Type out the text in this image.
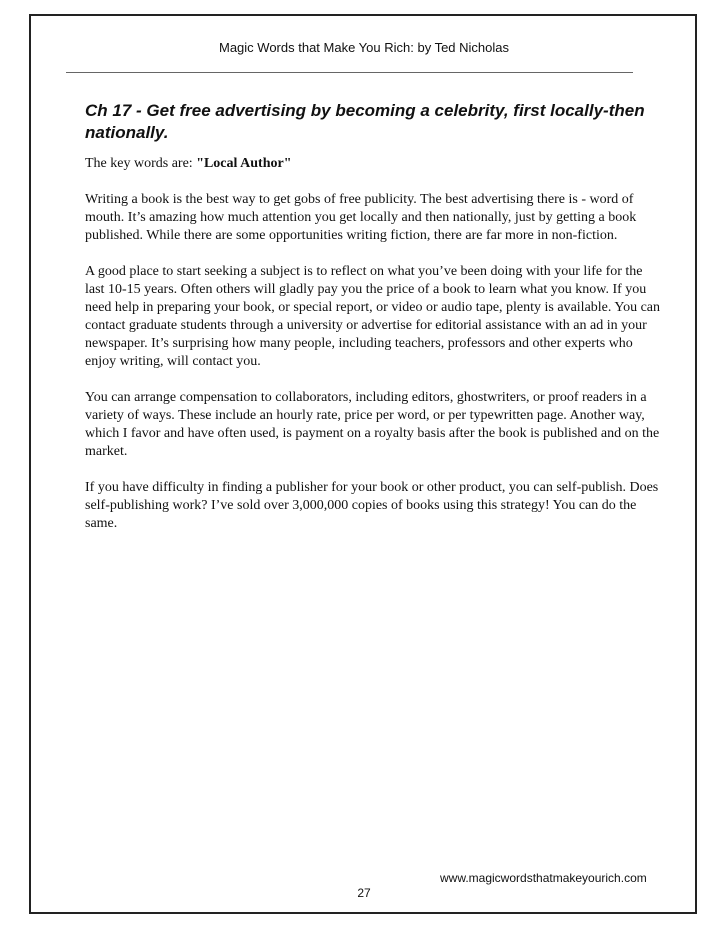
Magic Words that Make You Rich: by Ted Nicholas
Ch 17 - Get free advertising by becoming a celebrity, first locally-then nationally.

The key words are: "Local Author"

Writing a book is the best way to get gobs of free publicity. The best advertising there is - word of mouth. It’s amazing how much attention you get locally and then nationally, just by getting a book published. While there are some opportunities writing fiction, there are far more in non-fiction.

A good place to start seeking a subject is to reflect on what you’ve been doing with your life for the last 10-15 years. Often others will gladly pay you the price of a book to learn what you know. If you need help in preparing your book, or special report, or video or audio tape, plenty is available. You can contact graduate students through a university or advertise for editorial assistance with an ad in your newspaper. It’s surprising how many people, including teachers, professors and other experts who enjoy writing, will contact you.

You can arrange compensation to collaborators, including editors, ghostwriters, or proof readers in a variety of ways. These include an hourly rate, price per word, or per typewritten page. Another way, which I favor and have often used, is payment on a royalty basis after the book is published and on the market.

If you have difficulty in finding a publisher for your book or other product, you can self-publish. Does self-publishing work? I’ve sold over 3,000,000 copies of books using this strategy! You can do the same.

www.magicwordsthatmakeyourich.com
27
